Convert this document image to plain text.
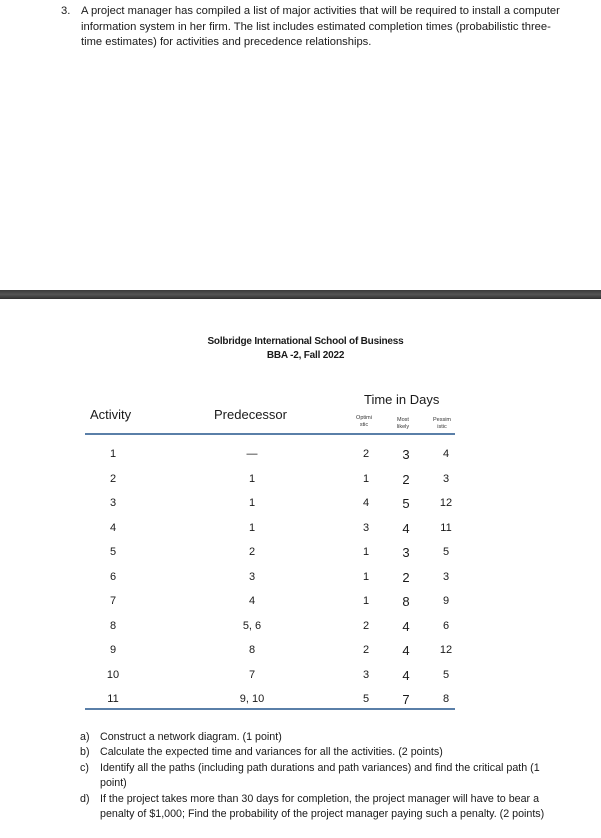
3. A project manager has compiled a list of major activities that will be required to install a computer information system in her firm. The list includes estimated completion times (probabilistic three-time estimates) for activities and precedence relationships.
Solbridge International School of Business
BBA -2, Fall 2022
Activity	Predecessor
Time in Days
Optimi
stic
Most
likely
Pessim
istic
1	—	2	3	4
2	1	1	2	3
3	1	4	5	12
4	1	3	4	11
5	2	1	3	5
6	3	1	2	3
7	4	1	8	9
8	5, 6	2	4	6
9	8	2	4	12
10	7	3	4	5
11	9, 10	5	7	8
a) Construct a network diagram. (1 point)
b) Calculate the expected time and variances for all the activities. (2 points)
c) Identify all the paths (including path durations and path variances) and find the critical path (1 point)
d) If the project takes more than 30 days for completion, the project manager will have to bear a penalty of $1,000; Find the probability of the project manager paying such a penalty. (2 points)
